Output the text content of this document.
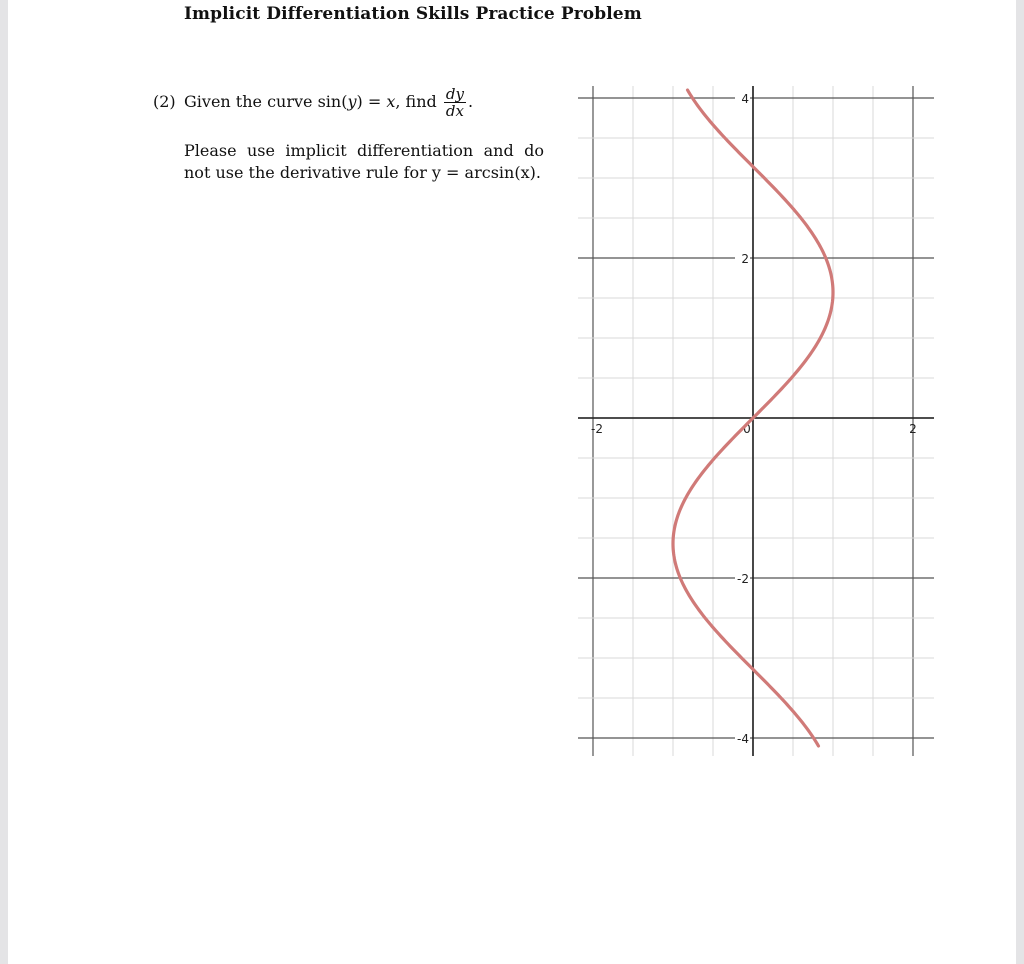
Implicit Differentiation Skills Practice Problem
(2) Given the curve sin(y) = x, find $\frac{dy}{dx}$ .
Please use implicit differentiation and do not use the derivative rule for y = arcsin(x).
-2	0	2
4
2
-2
-4
